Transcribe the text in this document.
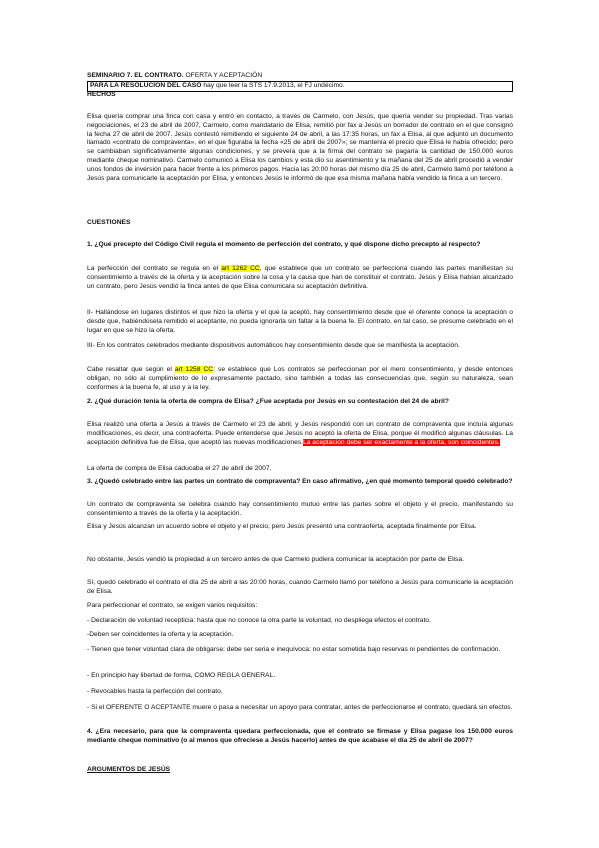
SEMINARIO 7. EL CONTRATO. OFERTA Y ACEPTACIÓN
PARA LA RESOLUCIÓN DEL CASO hay que leer la STS 17.9.2013, el FJ undécimo.
HECHOS
Elisa quería comprar una finca con casa y entró en contacto, a través de Carmelo, con Jesús, que quería vender su propiedad. Tras varias negociaciones, el 23 de abril de 2007, Carmelo, como mandatario de Elisa, remitió por fax a Jesús un borrador de contrato en el que consignó la fecha 27 de abril de 2007. Jesús contestó remitiendo el siguiente 24 de abril, a las 17:35 horas, un fax a Elisa, al que adjuntó un documento llamado «contrato de compraventa», en el que figuraba la fecha «25 de abril de 2007»; se mantenía el precio que Elisa le había ofrecido; pero se cambiaban significativamente algunas condiciones, y se preveía que a la firma del contrato se pagaría la cantidad de 150.000 euros mediante cheque nominativo. Carmelo comunicó a Elisa los cambios y esta dio su asentimiento y la mañana del 25 de abril procedió a vender unos fondos de inversión para hacer frente a los primeros pagos. Hacia las 20:00 horas del mismo día 25 de abril, Carmelo llamó por teléfono a Jesús para comunicarle la aceptación por Elisa, y entonces Jesús le informó de que esa misma mañana había vendido la finca a un tercero.
CUESTIONES
1. ¿Qué precepto del Código Civil regula el momento de perfección del contrato, y qué dispone dicho precepto al respecto?
La perfección del contrato se regula en el art 1262 CC, que establece que un contrato se perfecciona cuando las partes manifiestan su consentimiento a través de la oferta y la aceptación sobre la cosa y la causa que han de constituir el contrato. Jesús y Elisa habían alcanzado un contrato, pero Jesús vendió la finca antes de que Elisa comunicara su aceptación definitiva.
II- Hallándose en lugares distintos el que hizo la oferta y el que la aceptó, hay consentimiento desde que el oferente conoce la aceptación o desde que, habiéndosela remitido el aceptante, no pueda ignorarla sin faltar a la buena fe. El contrato, en tal caso, se presume celebrado en el lugar en que se hizo la oferta.
III- En los contratos celebrados mediante dispositivos automáticos hay consentimiento desde que se manifiesta la aceptación.
Cabe resaltar que según el art 1258 CC; se establece que Los contratos se perfeccionan por el mero consentimiento, y desde entonces obligan, no sólo al cumplimiento de lo expresamente pactado, sino también a todas las consecuencias que, según su naturaleza, sean conformes a la buena fe, al uso y a la ley.
2. ¿Qué duración tenía la oferta de compra de Elisa? ¿Fue aceptada por Jesús en su contestación del 24 de abril?
Elisa realizó una oferta a Jesús a través de Carmelo el 23 de abril, y Jesús respondió con un contrato de compraventa que incluía algunas modificaciones, es decir, una contraoferta. Puede entenderse que Jesús no aceptó la oferta de Elisa, porque él modificó algunas cláusulas. La aceptación definitiva fue de Elisa, que aceptó las nuevas modificaciones.La aceptación debe ser exactamente a la oferta, son coincidentes.
La oferta de compra de Elisa caducaba el 27 de abril de 2007.
3. ¿Quedó celebrado entre las partes un contrato de compraventa? En caso afirmativo, ¿en qué momento temporal quedó celebrado?
Un contrato de compraventa se celebra cuando hay consentimiento mutuo entre las partes sobre el objeto y el precio, manifestando su consentimiento a través de la oferta y la aceptación.
Elisa y Jesús alcanzan un acuerdo sobre el objeto y el precio, pero Jesús presentó una contraoferta, aceptada finalmente por Elisa.
No obstante, Jesús vendió la propiedad a un tercero antes de que Carmelo pudiera comunicar la aceptación por parte de Elisa.
Sí, quedó celebrado el contrato el día 25 de abril a las 20:00 horas, cuando Carmelo llamó por teléfono a Jesús para comunicarle la aceptación de Elisa.
Para perfeccionar el contrato, se exigen varios requisitos:
- Declaración de voluntad recepticia: hasta que no conoce la otra parte la voluntad, no despliega efectos el contrato.
-Deben ser coincidentes la oferta y la aceptación.
- Tienen que tener voluntad clara de obligarse: debe ser seria e inequívoca: no estar sometida bajo reservas ni pendientes de confirmación.
- En principio hay libertad de forma, COMO REGLA GENERAL.
- Revocables hasta la perfección del contrato.
- Si el OFERENTE O ACEPTANTE muere o pasa a necesitar un apoyo para contratar, antes de perfeccionarse el contrato, quedará sin efectos.
4. ¿Era necesario, para que la compraventa quedara perfeccionada, que el contrato se firmase y Elisa pagase los 150.000 euros mediante cheque nominativo (o al menos que ofreciese a Jesús hacerlo) antes de que acabase el día 25 de abril de 2007?
ARGUMENTOS DE JESÚS
